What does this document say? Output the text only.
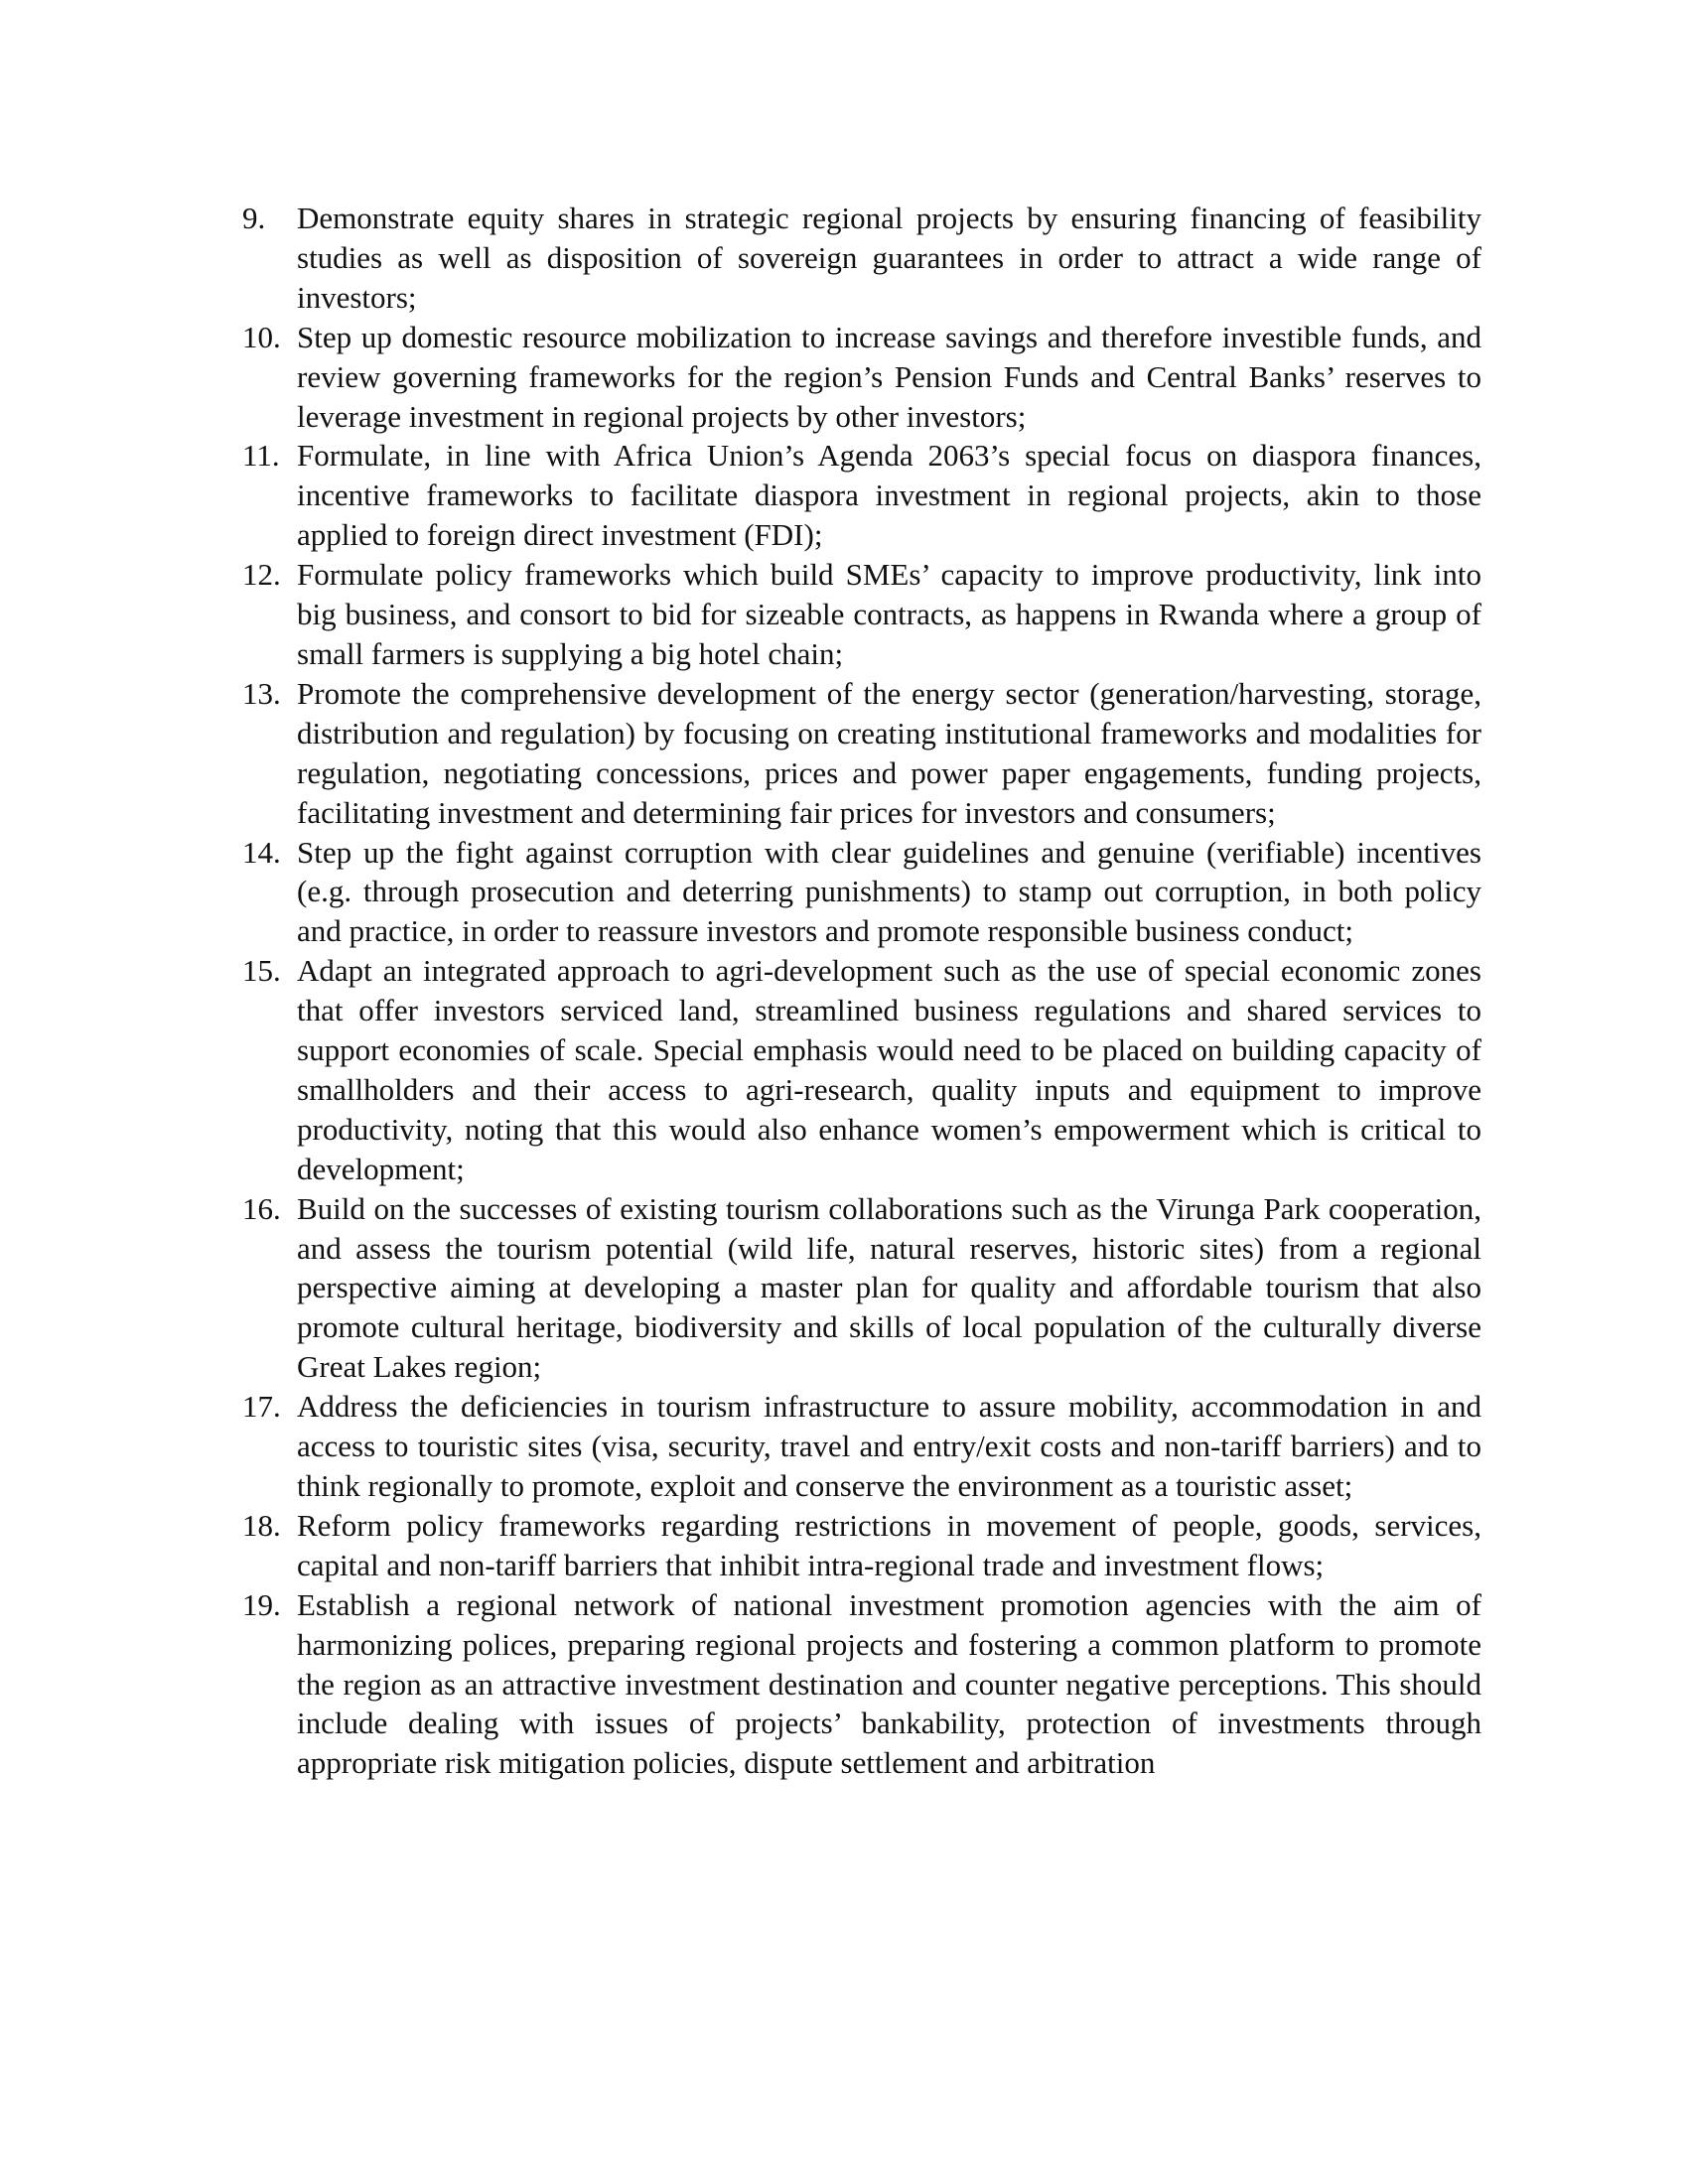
9. Demonstrate equity shares in strategic regional projects by ensuring financing of feasibility studies as well as disposition of sovereign guarantees in order to attract a wide range of investors;
10. Step up domestic resource mobilization to increase savings and therefore investible funds, and review governing frameworks for the region’s Pension Funds and Central Banks’ reserves to leverage investment in regional projects by other investors;
11. Formulate, in line with Africa Union’s Agenda 2063’s special focus on diaspora finances, incentive frameworks to facilitate diaspora investment in regional projects, akin to those applied to foreign direct investment (FDI);
12. Formulate policy frameworks which build SMEs’ capacity to improve productivity, link into big business, and consort to bid for sizeable contracts, as happens in Rwanda where a group of small farmers is supplying a big hotel chain;
13. Promote the comprehensive development of the energy sector (generation/harvesting, storage, distribution and regulation) by focusing on creating institutional frameworks and modalities for regulation, negotiating concessions, prices and power paper engagements, funding projects, facilitating investment and determining fair prices for investors and consumers;
14. Step up the fight against corruption with clear guidelines and genuine (verifiable) incentives (e.g. through prosecution and deterring punishments) to stamp out corruption, in both policy and practice, in order to reassure investors and promote responsible business conduct;
15. Adapt an integrated approach to agri-development such as the use of special economic zones that offer investors serviced land, streamlined business regulations and shared services to support economies of scale. Special emphasis would need to be placed on building capacity of smallholders and their access to agri-research, quality inputs and equipment to improve productivity, noting that this would also enhance women’s empowerment which is critical to development;
16. Build on the successes of existing tourism collaborations such as the Virunga Park cooperation, and assess the tourism potential (wild life, natural reserves, historic sites) from a regional perspective aiming at developing a master plan for quality and affordable tourism that also promote cultural heritage, biodiversity and skills of local population of the culturally diverse Great Lakes region;
17. Address the deficiencies in tourism infrastructure to assure mobility, accommodation in and access to touristic sites (visa, security, travel and entry/exit costs and non-tariff barriers) and to think regionally to promote, exploit and conserve the environment as a touristic asset;
18. Reform policy frameworks regarding restrictions in movement of people, goods, services, capital and non-tariff barriers that inhibit intra-regional trade and investment flows;
19. Establish a regional network of national investment promotion agencies with the aim of harmonizing polices, preparing regional projects and fostering a common platform to promote the region as an attractive investment destination and counter negative perceptions. This should include dealing with issues of projects’ bankability, protection of investments through appropriate risk mitigation policies, dispute settlement and arbitration
